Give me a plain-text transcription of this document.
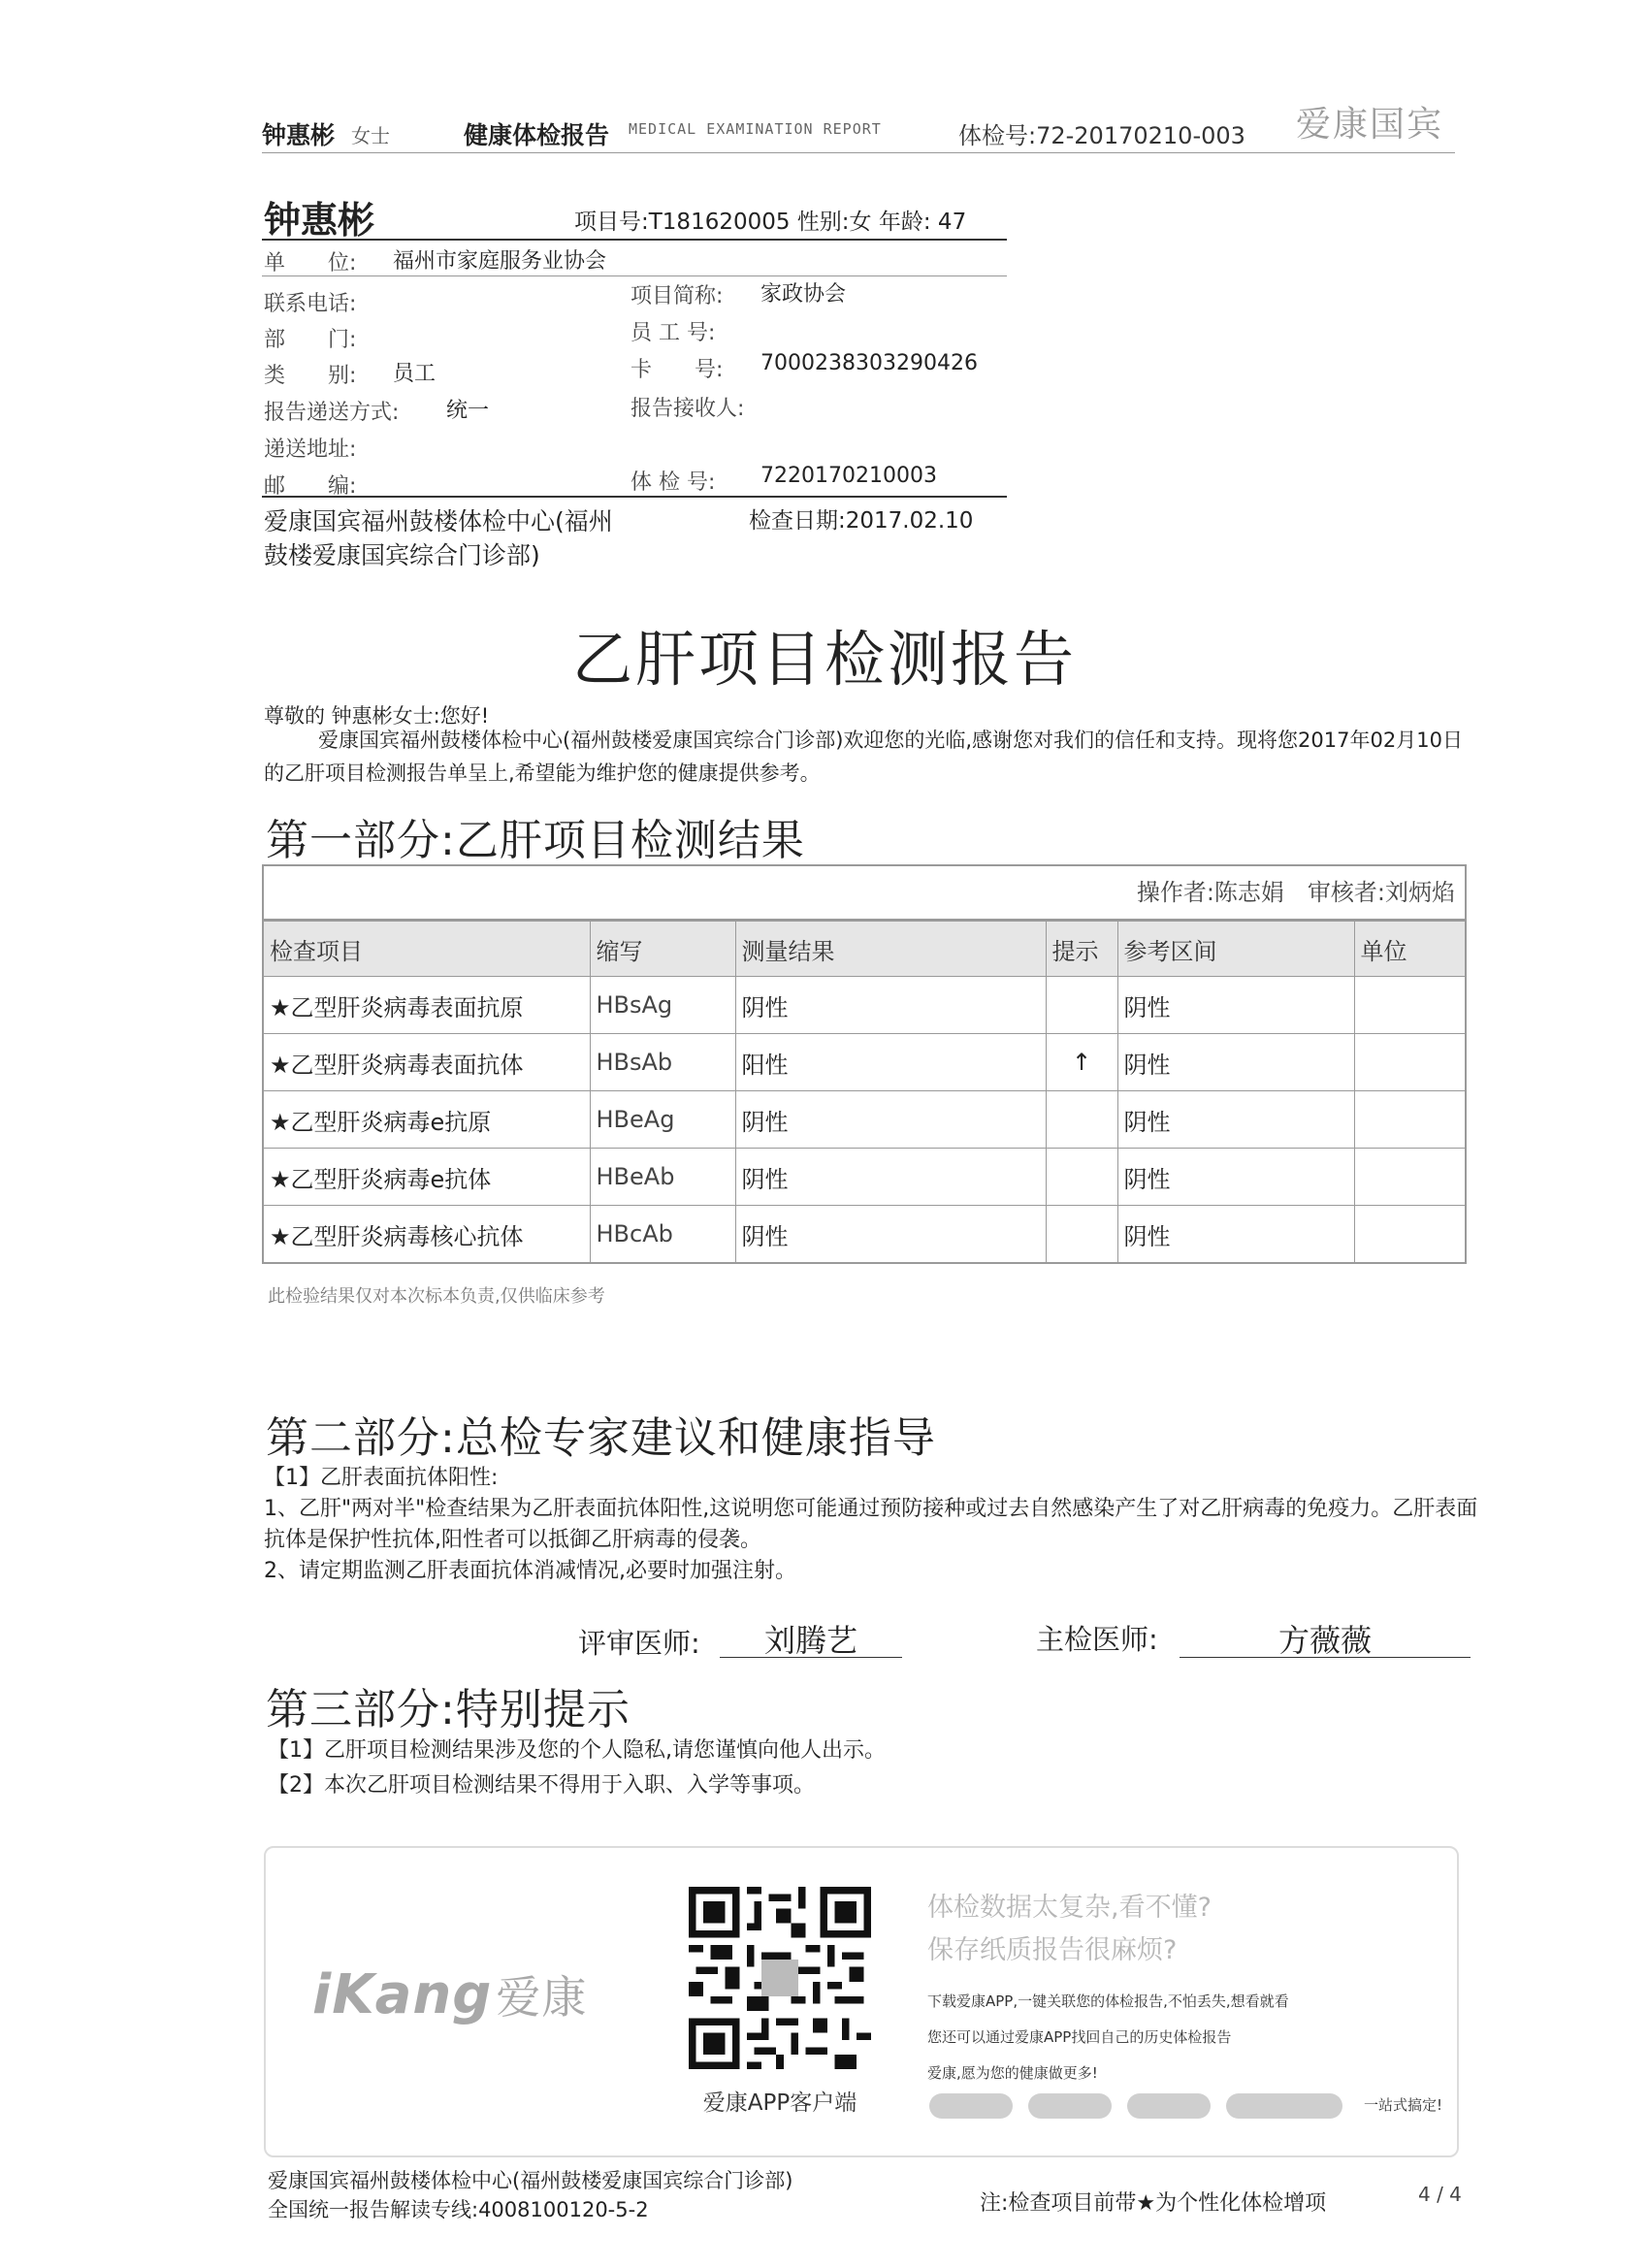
钟惠彬 女士	健康体检报告 MEDICAL EXAMINATION REPORT	体检号:72-20170210-003 爱康国宾
钟惠彬	项目号:T181620005 性别:女 年龄: 47
单　　位: 福州市家庭服务业协会
联系电话:
部　　门:
类　　别: 员工
报告递送方式: 统一
递送地址:
邮　　编:
项目简称: 家政协会
员 工 号:
卡　　号: 7000238303290426
报告接收人:
体 检 号: 7220170210003
爱康国宾福州鼓楼体检中心(福州鼓楼爱康国宾综合门诊部)
检查日期:2017.02.10
乙肝项目检测报告
尊敬的 钟惠彬女士:您好!
爱康国宾福州鼓楼体检中心(福州鼓楼爱康国宾综合门诊部)欢迎您的光临,感谢您对我们的信任和支持。现将您2017年02月10日的乙肝项目检测报告单呈上,希望能为维护您的健康提供参考。
第一部分:乙肝项目检测结果
操作者:陈志娟　审核者:刘炳焰
检查项目	缩写	测量结果	提示	参考区间	单位
★乙型肝炎病毒表面抗原	HBsAg	阴性		阴性	
★乙型肝炎病毒表面抗体	HBsAb	阳性	↑	阴性	
★乙型肝炎病毒e抗原	HBeAg	阴性		阴性	
★乙型肝炎病毒e抗体	HBeAb	阴性		阴性	
★乙型肝炎病毒核心抗体	HBcAb	阴性		阴性	
此检验结果仅对本次标本负责,仅供临床参考
第二部分:总检专家建议和健康指导
【1】乙肝表面抗体阳性:
1、乙肝"两对半"检查结果为乙肝表面抗体阳性,这说明您可能通过预防接种或过去自然感染产生了对乙肝病毒的免疫力。乙肝表面抗体是保护性抗体,阳性者可以抵御乙肝病毒的侵袭。
2、请定期监测乙肝表面抗体消减情况,必要时加强注射。
评审医师:	刘腾艺	主检医师:	方薇薇
第三部分:特别提示
【1】乙肝项目检测结果涉及您的个人隐私,请您谨慎向他人出示。
【2】本次乙肝项目检测结果不得用于入职、入学等事项。
iKang爱康
爱康APP客户端
体检数据太复杂,看不懂?
保存纸质报告很麻烦?
下载爱康APP,一键关联您的体检报告,不怕丢失,想看就看
您还可以通过爱康APP找回自己的历史体检报告
爱康,愿为您的健康做更多!
一站式搞定!
爱康国宾福州鼓楼体检中心(福州鼓楼爱康国宾综合门诊部)
全国统一报告解读专线:4008100120-5-2	注:检查项目前带★为个性化体检增项	4 / 4
